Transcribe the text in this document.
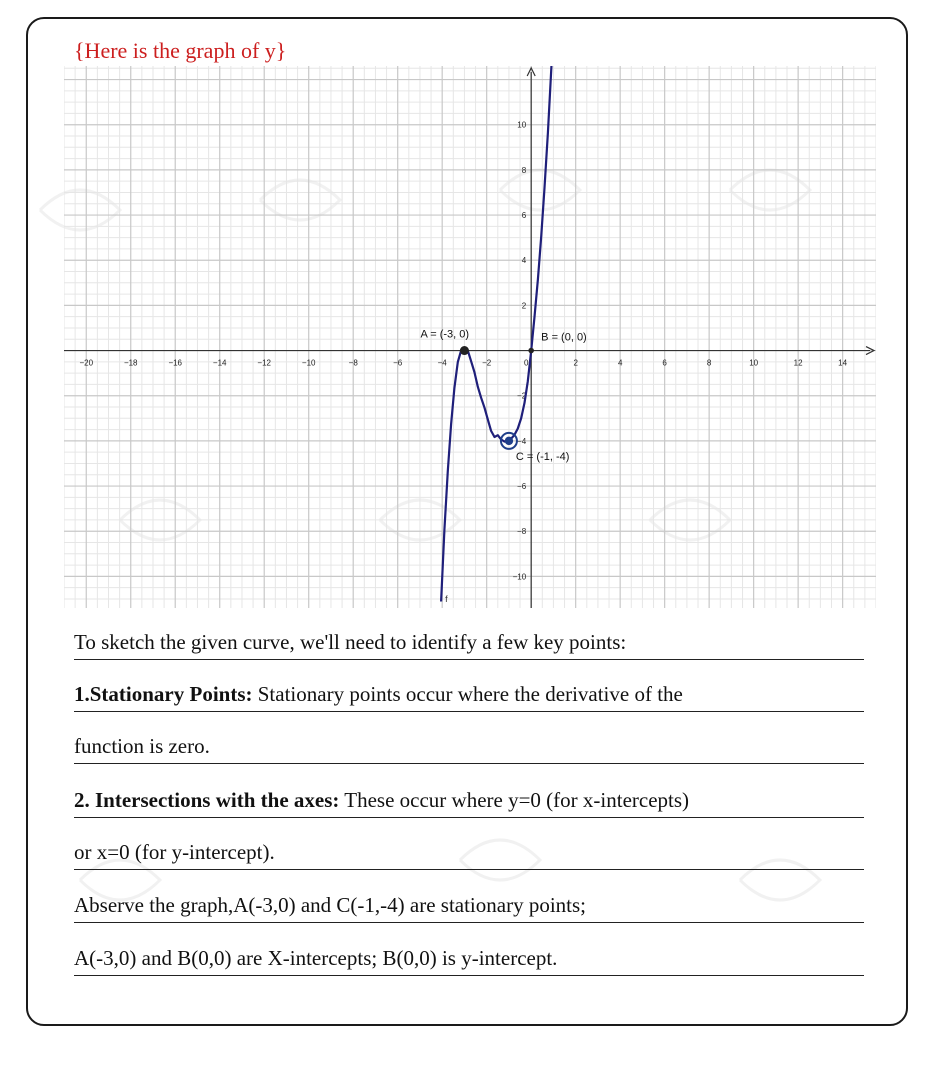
{Here is the graph of y}
−20	−18	−16	−14	−12	−10	−8	−6	−4	−2	0	2	4	6	8	10	12	14
10
8
6
4
2
−2
−4
−6
−8
−10
f
A = (-3, 0)	B = (0, 0)
C = (-1, -4)
To sketch the given curve, we'll need to identify a few key points:
1.Stationary Points: Stationary points occur where the derivative of the
function is zero.
2. Intersections with the axes: These occur where y=0 (for x-intercepts)
or x=0 (for y-intercept).
Abserve the graph,A(-3,0) and C(-1,-4) are stationary points;
A(-3,0) and B(0,0) are X-intercepts; B(0,0) is y-intercept.
